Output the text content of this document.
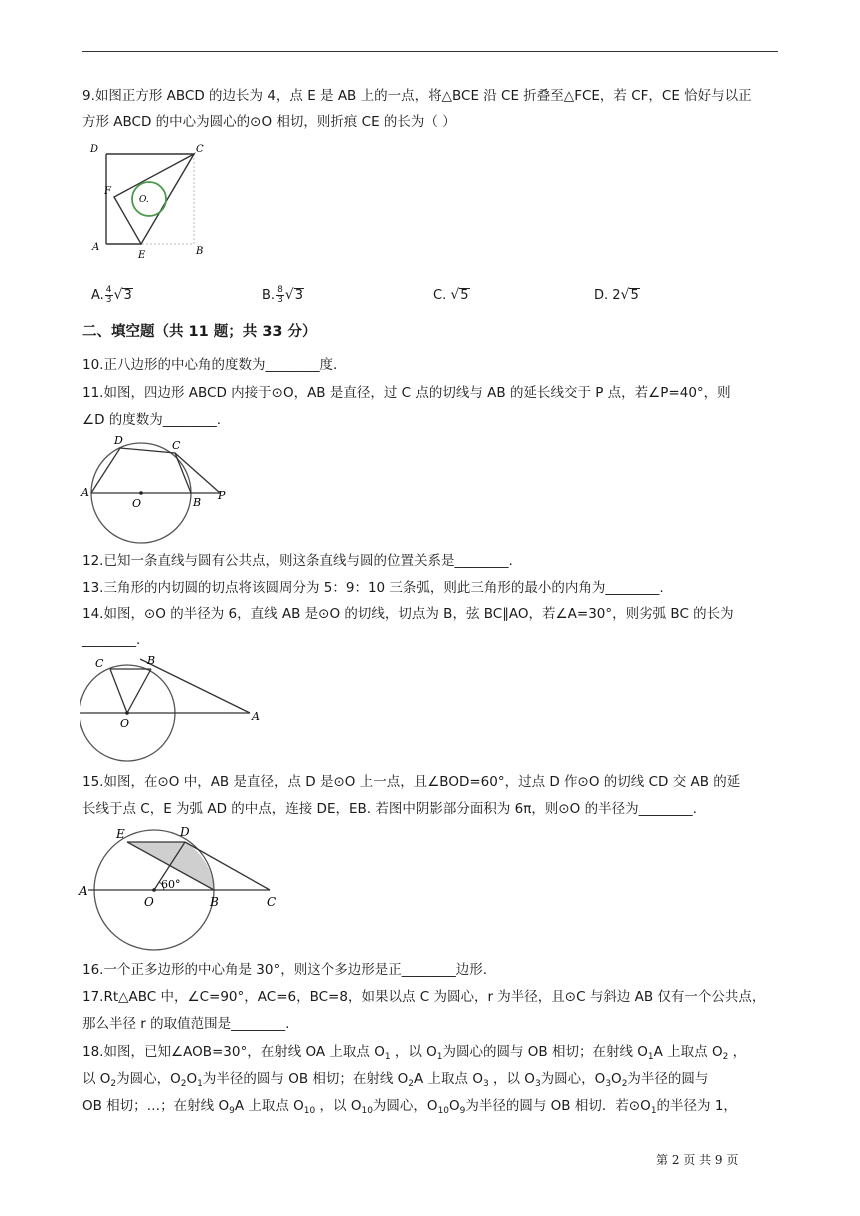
9.如图正方形 ABCD 的边长为 4，点 E 是 AB 上的一点，将△BCE 沿 CE 折叠至△FCE，若 CF，CE 恰好与以正
方形 ABCD 的中心为圆心的⊙O 相切，则折痕 CE 的长为（ ）
D	C
F
O.
A
E	B
A. $\frac{4}{3} √3$	B. $\frac{8}{3} √3$	C. √5	D. 2√5
二、填空题（共 11 题；共 33 分）
10.正八边形的中心角的度数为________度.
11.如图，四边形 ABCD 内接于⊙O，AB 是直径，过 C 点的切线与 AB 的延长线交于 P 点，若∠P=40°，则
∠D 的度数为________.
D	C
A
O	B
P
12.已知一条直线与圆有公共点，则这条直线与圆的位置关系是________.
13.三角形的内切圆的切点将该圆周分为 5：9：10 三条弧，则此三角形的最小的内角为________.
14.如图，⊙O 的半径为 6，直线 AB 是⊙O 的切线，切点为 B，弦 BC∥AO，若∠A=30°，则劣弧 BC 的长为
________.
C	B
O
A
15.如图，在⊙O 中，AB 是直径，点 D 是⊙O 上一点，且∠BOD=60°，过点 D 作⊙O 的切线 CD 交 AB 的延
长线于点 C，E 为弧 AD 的中点，连接 DE，EB. 若图中阴影部分面积为 6π，则⊙O 的半径为________.
E	D
60°
A
O	B	C
16.一个正多边形的中心角是 30°，则这个多边形是正________边形.
17.Rt△ABC 中，∠C=90°，AC=6，BC=8，如果以点 C 为圆心，r 为半径，且⊙C 与斜边 AB 仅有一个公共点，
那么半径 r 的取值范围是________.
18.如图，已知∠AOB=30°，在射线 OA 上取点 $O_1$ ，以 $O_1$为圆心的圆与 OB 相切；在射线 $O_1A$ 上取点 $O_2$ ，
以 $O_2$为圆心，$O_2O_1$为半径的圆与 OB 相切；在射线 $O_2A$ 上取点 $O_3$ ，以 $O_3$为圆心，$O_3O_2$为半径的圆与
OB 相切；…；在射线 $O_9A$ 上取点 $O_{10}$ ，以 $O_{10}$为圆心，$O_{10}O_9$为半径的圆与 OB 相切．若$⊙O_1$的半径为 1，
第 2 页 共 9 页
